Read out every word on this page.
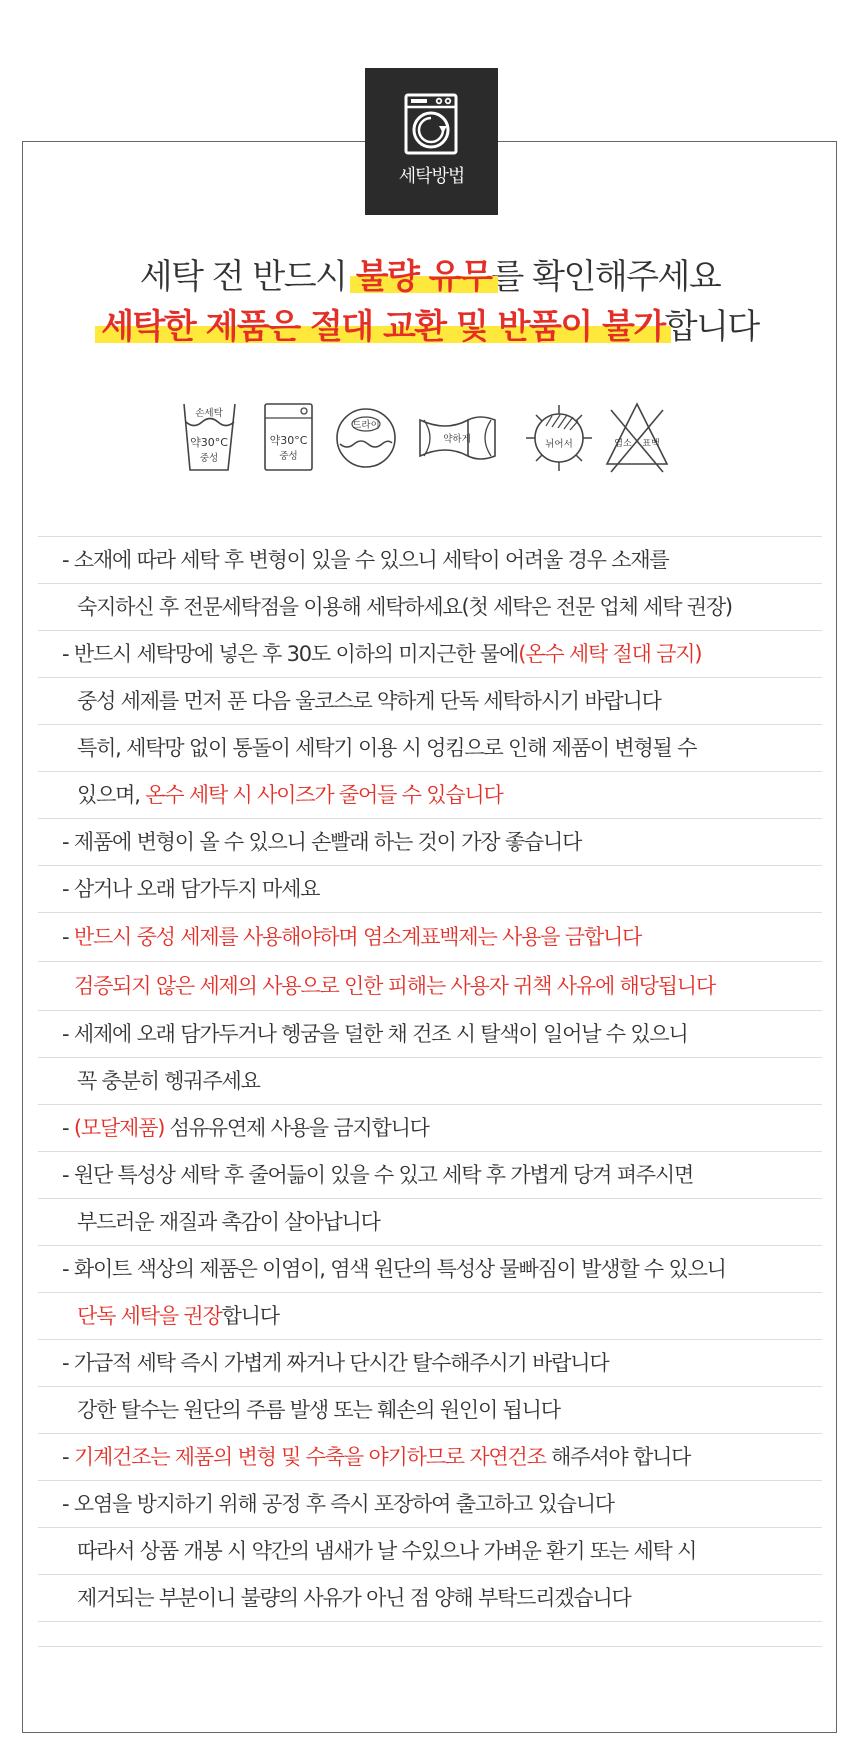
세탁방법
세탁 전 반드시 불량 유무를 확인해주세요
세탁한 제품은 절대 교환 및 반품이 불가합니다
손세탁
약30°C
중성
약30°C
중성
드라이
약하게	뉘어서	염소 표백
- 소재에 따라 세탁 후 변형이 있을 수 있으니 세탁이 어려울 경우 소재를
숙지하신 후 전문세탁점을 이용해 세탁하세요(첫 세탁은 전문 업체 세탁 권장)
- 반드시 세탁망에 넣은 후 30도 이하의 미지근한 물에(온수 세탁 절대 금지)
중성 세제를 먼저 푼 다음 울코스로 약하게 단독 세탁하시기 바랍니다
특히, 세탁망 없이 통돌이 세탁기 이용 시 엉킴으로 인해 제품이 변형될 수
있으며, 온수 세탁 시 사이즈가 줄어들 수 있습니다
- 제품에 변형이 올 수 있으니 손빨래 하는 것이 가장 좋습니다
- 삼거나 오래 담가두지 마세요
- 반드시 중성 세제를 사용해야하며 염소계표백제는 사용을 금합니다
검증되지 않은 세제의 사용으로 인한 피해는 사용자 귀책 사유에 해당됩니다
- 세제에 오래 담가두거나 헹굼을 덜한 채 건조 시 탈색이 일어날 수 있으니
꼭 충분히 헹궈주세요
- (모달제품) 섬유유연제 사용을 금지합니다
- 원단 특성상 세탁 후 줄어듦이 있을 수 있고 세탁 후 가볍게 당겨 펴주시면
부드러운 재질과 촉감이 살아납니다
- 화이트 색상의 제품은 이염이, 염색 원단의 특성상 물빠짐이 발생할 수 있으니
단독 세탁을 권장합니다
- 가급적 세탁 즉시 가볍게 짜거나 단시간 탈수해주시기 바랍니다
강한 탈수는 원단의 주름 발생 또는 훼손의 원인이 됩니다
- 기계건조는 제품의 변형 및 수축을 야기하므로 자연건조 해주셔야 합니다
- 오염을 방지하기 위해 공정 후 즉시 포장하여 출고하고 있습니다
따라서 상품 개봉 시 약간의 냄새가 날 수있으나 가벼운 환기 또는 세탁 시
제거되는 부분이니 불량의 사유가 아닌 점 양해 부탁드리겠습니다
